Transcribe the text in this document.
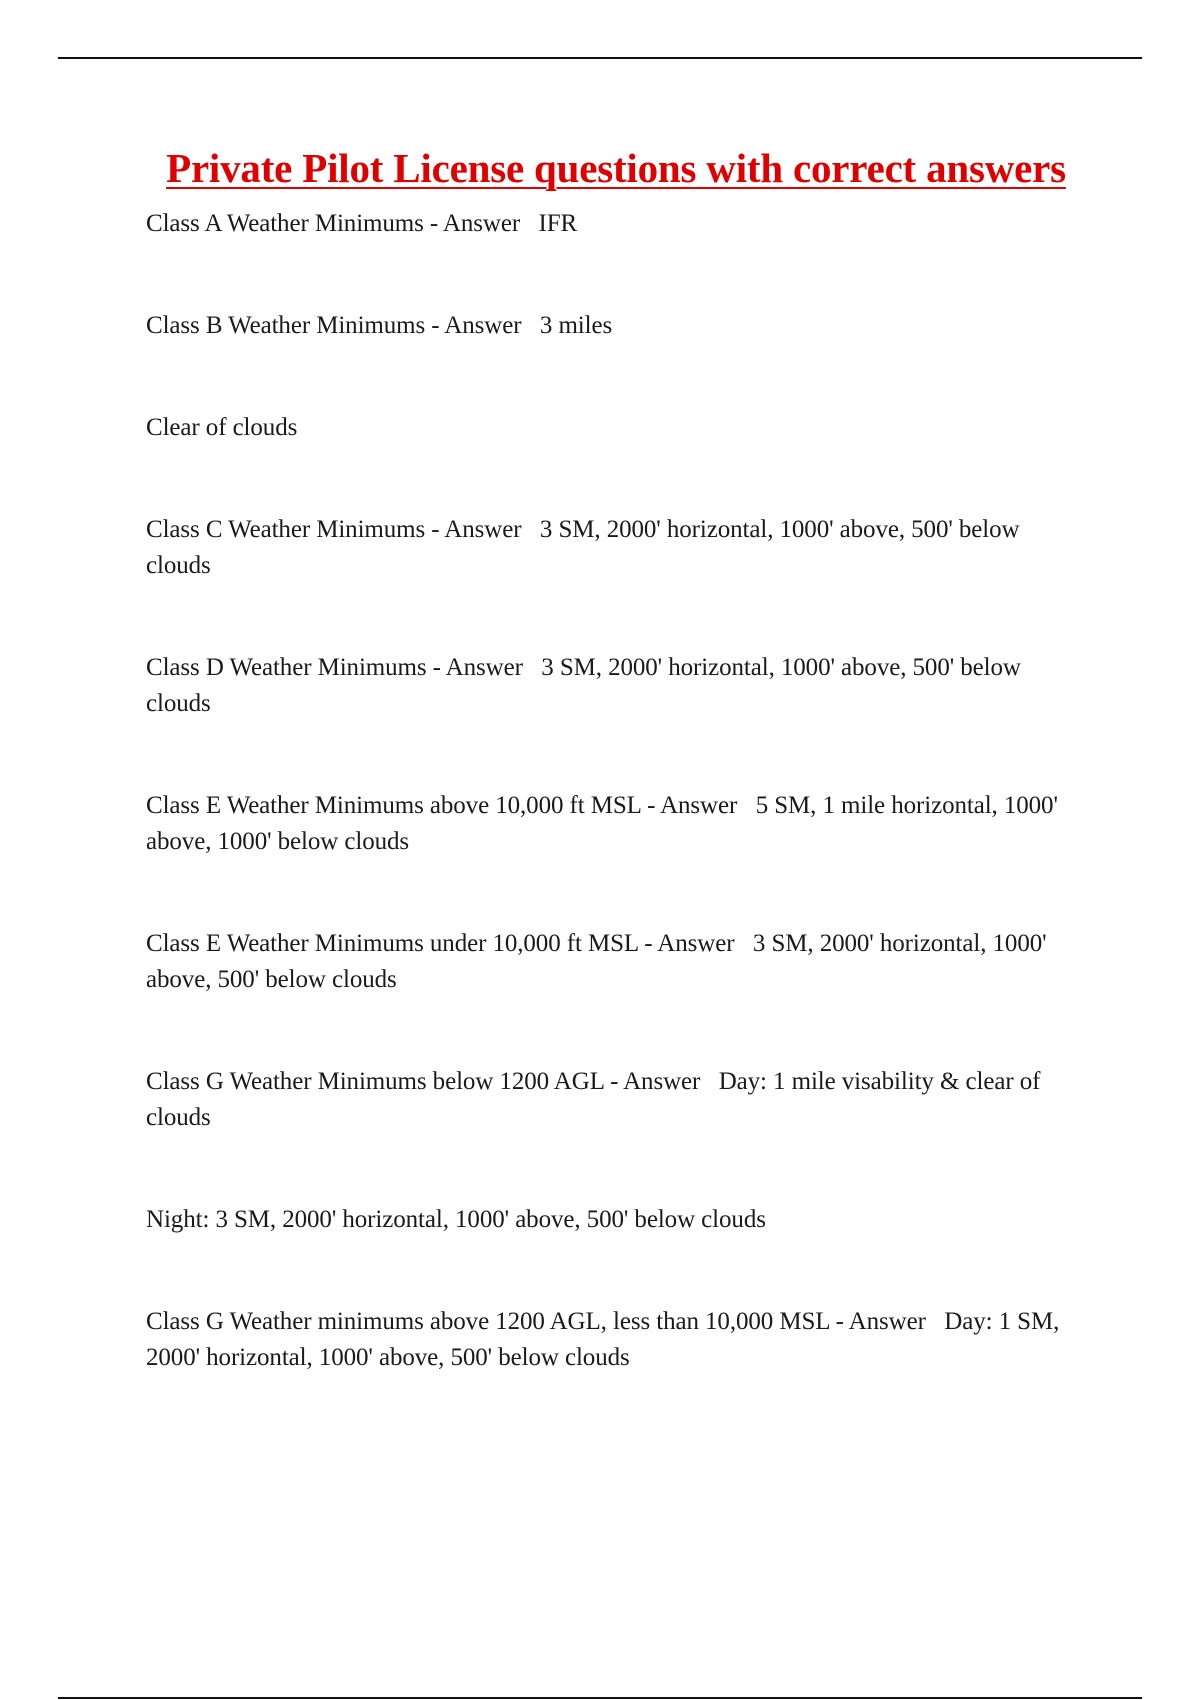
Private Pilot License questions with correct answers
Class A Weather Minimums - Answer IFR
Class B Weather Minimums - Answer 3 miles
Clear of clouds
Class C Weather Minimums - Answer 3 SM, 2000' horizontal, 1000' above, 500' below clouds
Class D Weather Minimums - Answer 3 SM, 2000' horizontal, 1000' above, 500' below clouds
Class E Weather Minimums above 10,000 ft MSL - Answer 5 SM, 1 mile horizontal, 1000' above, 1000' below clouds
Class E Weather Minimums under 10,000 ft MSL - Answer 3 SM, 2000' horizontal, 1000' above, 500' below clouds
Class G Weather Minimums below 1200 AGL - Answer Day: 1 mile visability & clear of clouds
Night: 3 SM, 2000' horizontal, 1000' above, 500' below clouds
Class G Weather minimums above 1200 AGL, less than 10,000 MSL - Answer Day: 1 SM, 2000' horizontal, 1000' above, 500' below clouds
